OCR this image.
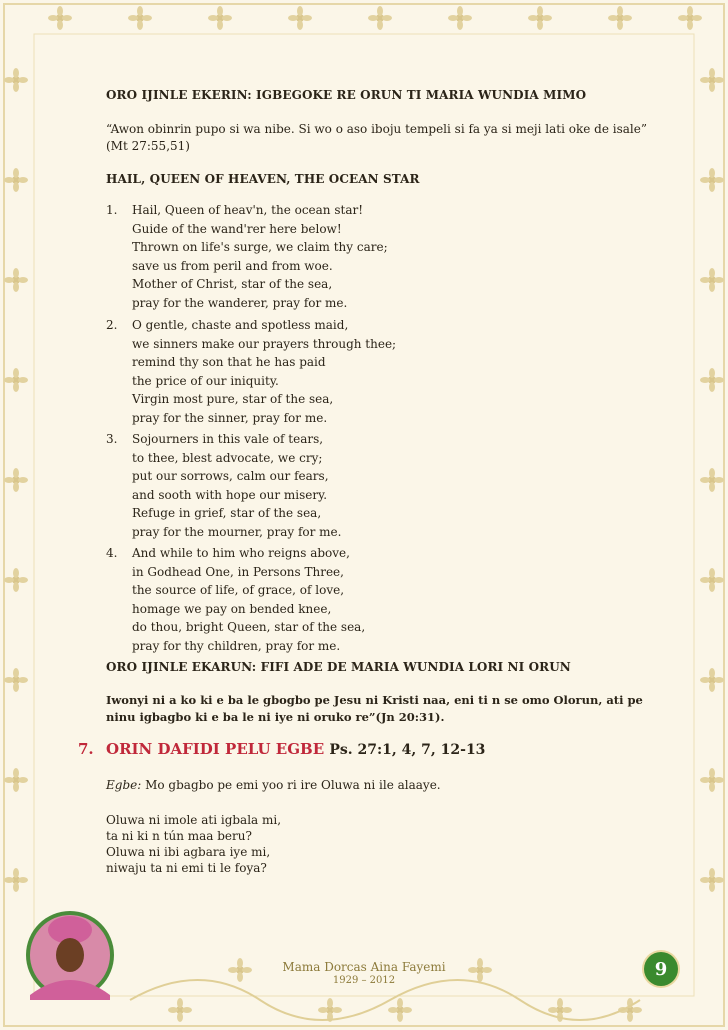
ORO IJINLE EKERIN: IGBEGOKE RE ORUN TI MARIA WUNDIA MIMO
“Awon obinrin pupo si wa nibe. Si wo o aso iboju tempeli si fa ya si meji lati oke de isale”
(Mt 27:55,51)
HAIL, QUEEN OF HEAVEN, THE OCEAN STAR
1. Hail, Queen of heav'n, the ocean star!
Guide of the wand'rer here below!
Thrown on life's surge, we claim thy care;
save us from peril and from woe.
Mother of Christ, star of the sea,
pray for the wanderer, pray for me.
2. O gentle, chaste and spotless maid,
we sinners make our prayers through thee;
remind thy son that he has paid
the price of our iniquity.
Virgin most pure, star of the sea,
pray for the sinner, pray for me.
3. Sojourners in this vale of tears,
to thee, blest advocate, we cry;
put our sorrows, calm our fears,
and sooth with hope our misery.
Refuge in grief, star of the sea,
pray for the mourner, pray for me.
4. And while to him who reigns above,
in Godhead One, in Persons Three,
the source of life, of grace, of love,
homage we pay on bended knee,
do thou, bright Queen, star of the sea,
pray for thy children, pray for me.
ORO IJINLE EKARUN: FIFI ADE DE MARIA WUNDIA LORI NI ORUN
Iwonyi ni a ko ki e ba le gbogbo pe Jesu ni Kristi naa, eni ti n se omo Olorun, ati pe ninu igbagbo ki e ba le ni iye ni oruko re”(Jn 20:31).
7. ORIN DAFIDI PELU EGBE Ps. 27:1, 4, 7, 12-13
Egbe: Mo gbagbo pe emi yoo ri ire Oluwa ni ile alaaye.
Oluwa ni imole ati igbala mi,
ta ni ki n tún maa beru?
Oluwa ni ibi agbara iye mi,
niwaju ta ni emi ti le foya?
Mama Dorcas Aina Fayemi
1929 – 2012
9
